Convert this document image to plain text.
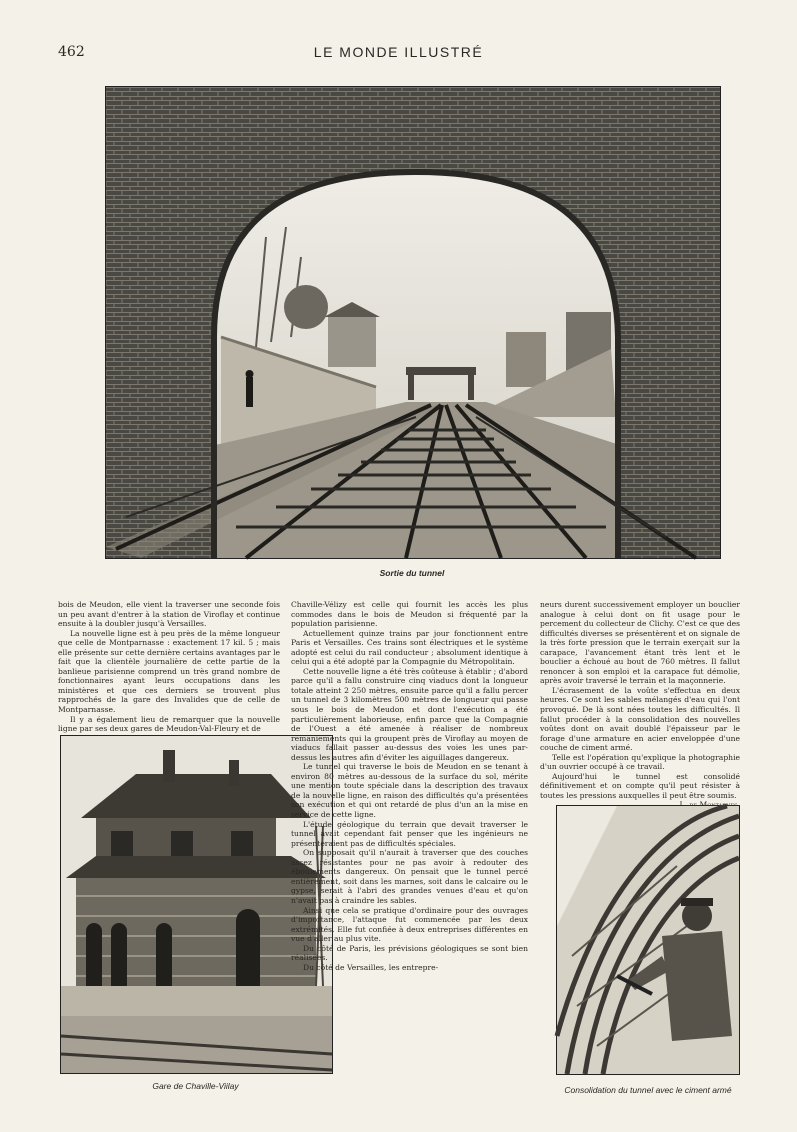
462	LE MONDE ILLUSTRÉ
Sortie du tunnel

bois de Meudon, elle vient la traverser une seconde fois un peu avant d'entrer à la station de Viroflay et continue ensuite à la doubler jusqu'à Versailles.

La nouvelle ligne est à peu près de la même longueur que celle de Montparnasse : exactement 17 kil. 5 ; mais elle présente sur cette dernière certains avantages par le fait que la clientèle journalière de cette partie de la banlieue parisienne comprend un très grand nombre de fonctionnaires ayant leurs occupations dans les ministères et que ces derniers se trouvent plus rapprochés de la gare des Invalides que de celle de Montparnasse.

Il y a également lieu de remarquer que la nouvelle ligne par ses deux gares de Meudon-Val-Fleury et de

Gare de Chaville-Viilay

Chaville-Vélizy est celle qui fournit les accès les plus commodes dans le bois de Meudon si fréquenté par la population parisienne.

Actuellement quinze trains par jour fonctionnent entre Paris et Versailles. Ces trains sont électriques et le système adopté est celui du rail conducteur ; absolument identique à celui qui a été adopté par la Compagnie du Métropolitain.

Cette nouvelle ligne a été très coûteuse à établir ; d'abord parce qu'il a fallu construire cinq viaducs dont la longueur totale atteint 2 250 mètres, ensuite parce qu'il a fallu percer un tunnel de 3 kilomètres 500 mètres de longueur qui passe sous le bois de Meudon et dont l'exécution a été particulièrement laborieuse, enfin parce que la Compagnie de l'Ouest a été amenée à réaliser de nombreux remaniements qui la groupent près de Viroflay au moyen de viaducs fallait passer au-dessus des voies les unes par-dessus les autres afin d'éviter les aiguillages dangereux.

Le tunnel qui traverse le bois de Meudon en se tenant à environ 80 mètres au-dessous de la surface du sol, mérite une mention toute spéciale dans la description des travaux de la nouvelle ligne, en raison des difficultés qu'a présentées son exécution et qui ont retardé de plus d'un an la mise en service de cette ligne.

L'étude géologique du terrain que devait traverser le tunnel avait cependant fait penser que les ingénieurs ne présenteraient pas de difficultés spéciales.

On supposait qu'il n'aurait à traverser que des couches assez résistantes pour ne pas avoir à redouter des éboulements dangereux. On pensait que le tunnel percé entièrement, soit dans les marnes, soit dans le calcaire ou le gypse, serait à l'abri des grandes venues d'eau et qu'on n'avait pas à craindre les sables.

Ainsi que cela se pratique d'ordinaire pour des ouvrages d'importance, l'attaque fut commencée par les deux extrémités. Elle fut confiée à deux entreprises différentes en vue d'aller au plus vite.

Du côté de Paris, les prévisions géologiques se sont bien réalisées.

Du côté de Versailles, les entrepre-

neurs durent successivement employer un bouclier analogue à celui dont on fit usage pour le percement du collecteur de Clichy. C'est ce que des difficultés diverses se présentèrent et on signale de la très forte pression que le terrain exerçait sur la carapace, l'avancement étant très lent et le bouclier a échoué au bout de 760 mètres. Il fallut renoncer à son emploi et la carapace fut démolie, après avoir traversé le terrain et la maçonnerie.

L'écrasement de la voûte s'effectua en deux heures. Ce sont les sables mélangés d'eau qui l'ont provoqué. De là sont nées toutes les difficultés. Il fallut procéder à la consolidation des nouvelles voûtes dont on avait doublé l'épaisseur par le forage d'une armature en acier enveloppée d'une couche de ciment armé.

Telle est l'opération qu'explique la photographie d'un ouvrier occupé à ce travail.

Aujourd'hui le tunnel est consolidé définitivement et on compte qu'il peut résister à toutes les pressions auxquelles il peut être soumis.

Consolidation du tunnel avec le ciment armé
